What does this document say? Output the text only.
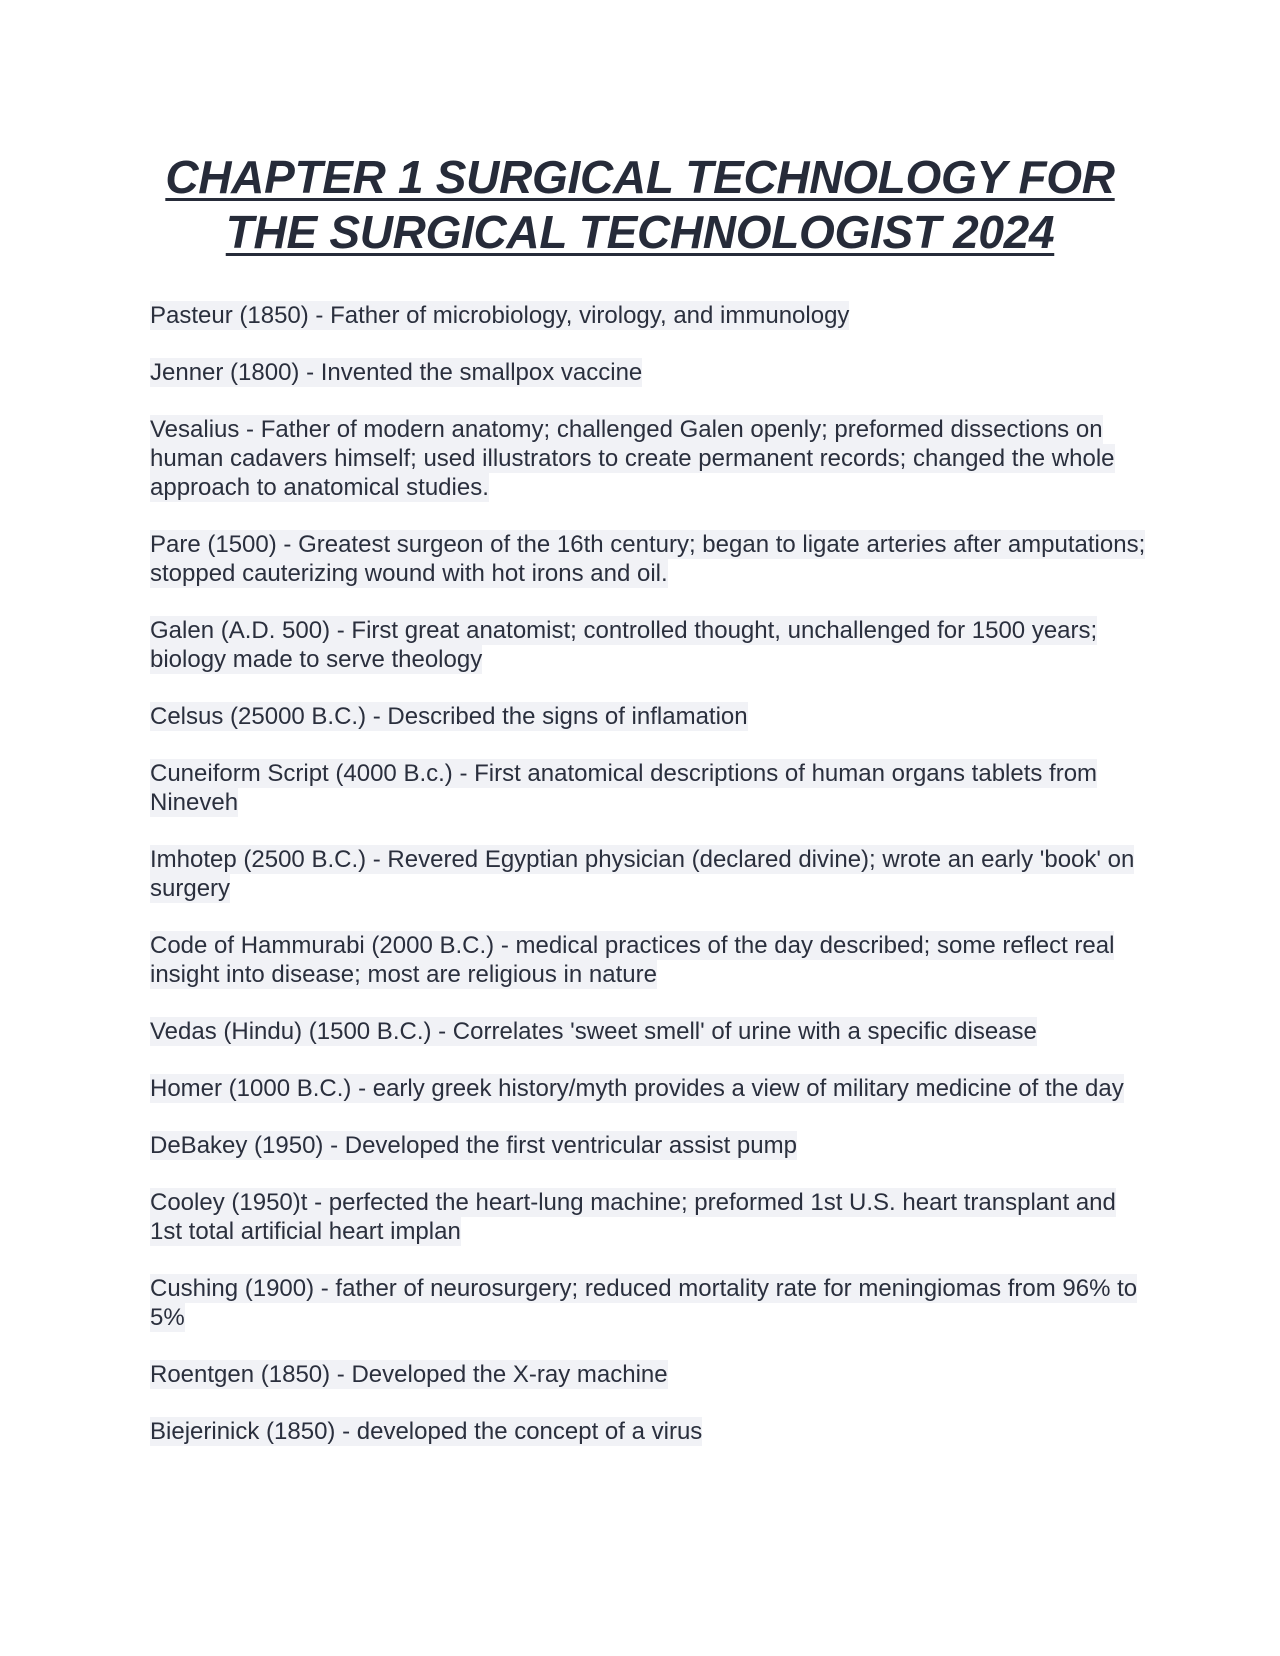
CHAPTER 1 SURGICAL TECHNOLOGY FOR THE SURGICAL TECHNOLOGIST 2024
Pasteur (1850) - Father of microbiology, virology, and immunology
Jenner (1800) - Invented the smallpox vaccine
Vesalius - Father of modern anatomy; challenged Galen openly; preformed dissections on human cadavers himself; used illustrators to create permanent records; changed the whole approach to anatomical studies.
Pare (1500) - Greatest surgeon of the 16th century; began to ligate arteries after amputations; stopped cauterizing wound with hot irons and oil.
Galen (A.D. 500) - First great anatomist; controlled thought, unchallenged for 1500 years; biology made to serve theology
Celsus (25000 B.C.) - Described the signs of inflamation
Cuneiform Script (4000 B.c.) - First anatomical descriptions of human organs tablets from Nineveh
Imhotep (2500 B.C.) - Revered Egyptian physician (declared divine); wrote an early 'book' on surgery
Code of Hammurabi (2000 B.C.) - medical practices of the day described; some reflect real insight into disease; most are religious in nature
Vedas (Hindu) (1500 B.C.) - Correlates 'sweet smell' of urine with a specific disease
Homer (1000 B.C.) - early greek history/myth provides a view of military medicine of the day
DeBakey (1950) - Developed the first ventricular assist pump
Cooley (1950)t - perfected the heart-lung machine; preformed 1st U.S. heart transplant and 1st total artificial heart implan
Cushing (1900) - father of neurosurgery; reduced mortality rate for meningiomas from 96% to 5%
Roentgen (1850) - Developed the X-ray machine
Biejerinick (1850) - developed the concept of a virus
